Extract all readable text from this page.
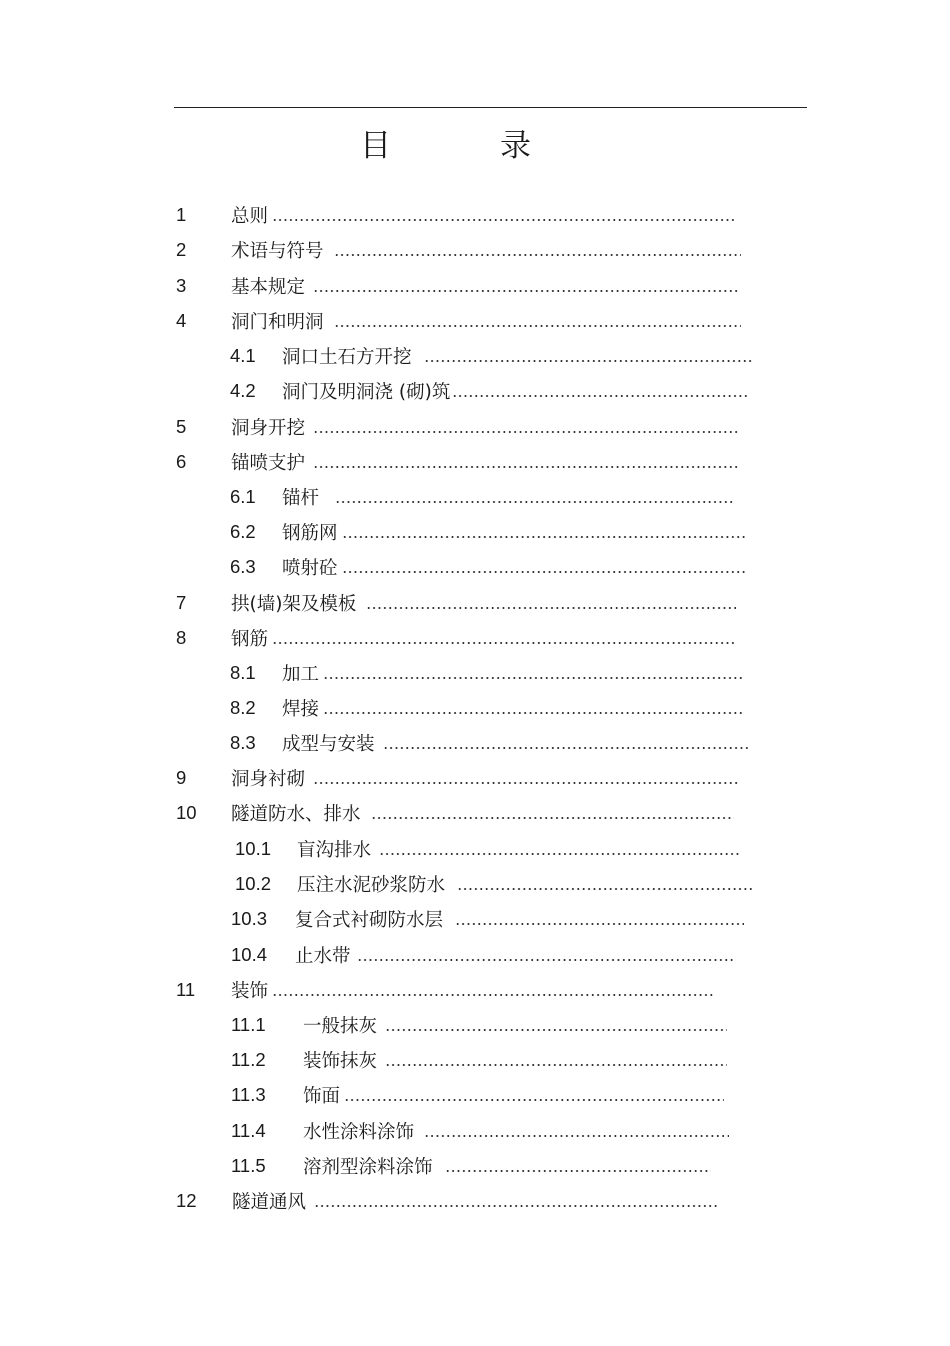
目	录
1	总则
2	术语与符号
3	基本规定
4	洞门和明洞
4.1	洞口土石方开挖
4.2	洞门及明洞浇 (砌)筑
5	洞身开挖
6	锚喷支护
6.1	锚杆
6.2	钢筋网
6.3	喷射砼
7	拱(墙)架及模板
8	钢筋
8.1	加工
8.2	焊接
8.3	成型与安装
9	洞身衬砌
10	隧道防水、排水
10.1	盲沟排水
10.2	压注水泥砂浆防水
10.3	复合式衬砌防水层
10.4	止水带
11	装饰
11.1	一般抹灰
11.2	装饰抹灰
11.3	饰面
11.4	水性涂料涂饰
11.5	溶剂型涂料涂饰
12	隧道通风
